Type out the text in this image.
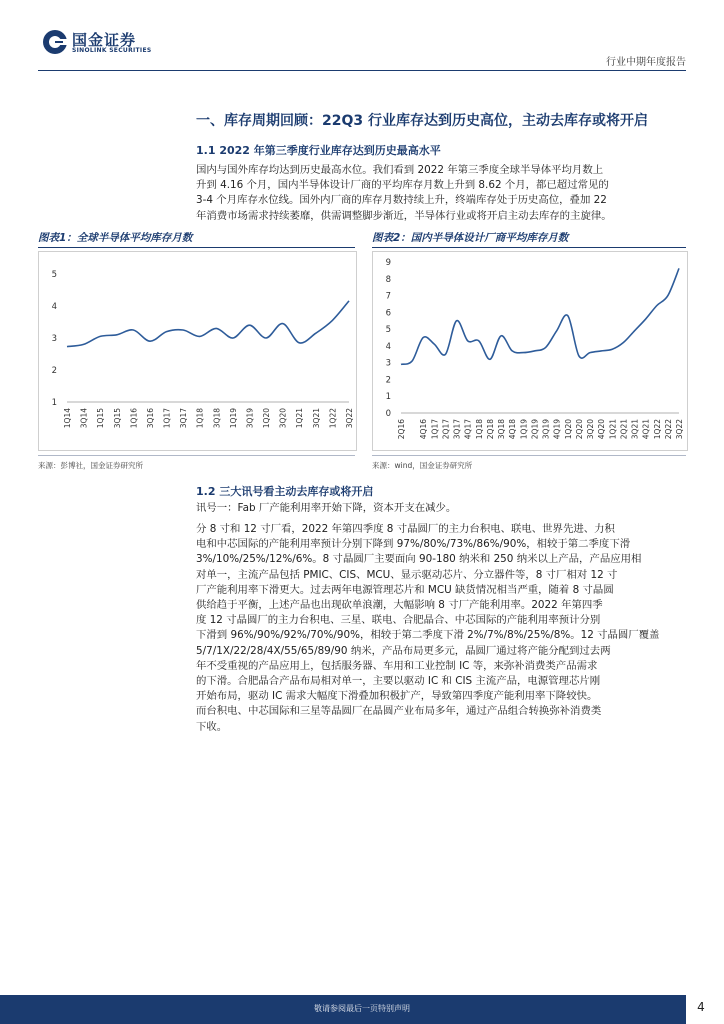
国金证券
SINOLINK SECURITIES
行业中期年度报告
一、库存周期回顾：22Q3 行业库存达到历史高位，主动去库存或将开启
1.1 2022 年第三季度行业库存达到历史最高水平
国内与国外库存均达到历史最高水位。我们看到 2022 年第三季度全球半导体平均月数上
升到 4.16 个月，国内半导体设计厂商的平均库存月数上升到 8.62 个月，都已超过常见的
3-4 个月库存水位线。国外内厂商的库存月数持续上升，终端库存处于历史高位，叠加 22
年消费市场需求持续萎靡，供需调整脚步渐近，半导体行业或将开启主动去库存的主旋律。
图表1：全球半导体平均库存月数
1
2
3
4
5
1Q14 3Q14 1Q15 3Q15 1Q16 3Q16 1Q17 3Q17 1Q18 3Q18 1Q19 3Q19 1Q20 3Q20 1Q21 3Q21 1Q22 3Q22
来源：彭博社，国金证券研究所
图表2：国内半导体设计厂商平均库存月数
0
1
2
3
4
5
6
7
8
9
2Q16 4Q16 2Q17 4Q17 2Q18 4Q18 2Q19 4Q19 2Q20 4Q20 2Q21 4Q21 2Q22
1Q17 3Q17 1Q18 3Q18 1Q19 3Q19 1Q20 3Q20 1Q21 3Q21 1Q22 3Q22
来源：wind，国金证券研究所
1.2 三大讯号看主动去库存或将开启
讯号一：Fab 厂产能利用率开始下降，资本开支在减少。
分 8 寸和 12 寸厂看，2022 年第四季度 8 寸晶圆厂的主力台积电、联电、世界先进、力积
电和中芯国际的产能利用率预计分别下降到 97%/80%/73%/86%/90%，相较于第二季度下滑
3%/10%/25%/12%/6%。8 寸晶圆厂主要面向 90-180 纳米和 250 纳米以上产品，产品应用相
对单一，主流产品包括 PMIC、CIS、MCU、显示驱动芯片、分立器件等，8 寸厂相对 12 寸
厂产能利用率下滑更大。过去两年电源管理芯片和 MCU 缺货情况相当严重，随着 8 寸晶圆
供给趋于平衡，上述产品也出现砍单浪潮，大幅影响 8 寸厂产能利用率。2022 年第四季
度 12 寸晶圆厂的主力台积电、三星、联电、合肥晶合、中芯国际的产能利用率预计分别
下滑到 96%/90%/92%/70%/90%，相较于第二季度下滑 2%/7%/8%/25%/8%。12 寸晶圆厂覆盖
5/7/1X/22/28/4X/55/65/89/90 纳米，产品布局更多元，晶圆厂通过将产能分配到过去两
年不受重视的产品应用上，包括服务器、车用和工业控制 IC 等，来弥补消费类产品需求
的下滑。合肥晶合产品布局相对单一，主要以驱动 IC 和 CIS 主流产品，电源管理芯片刚
开始布局，驱动 IC 需求大幅度下滑叠加积极扩产，导致第四季度产能利用率下降较快。
而台积电、中芯国际和三星等晶圆厂在晶圆产业布局多年，通过产品组合转换弥补消费类
下收。
敬请参阅最后一页特别声明	4
